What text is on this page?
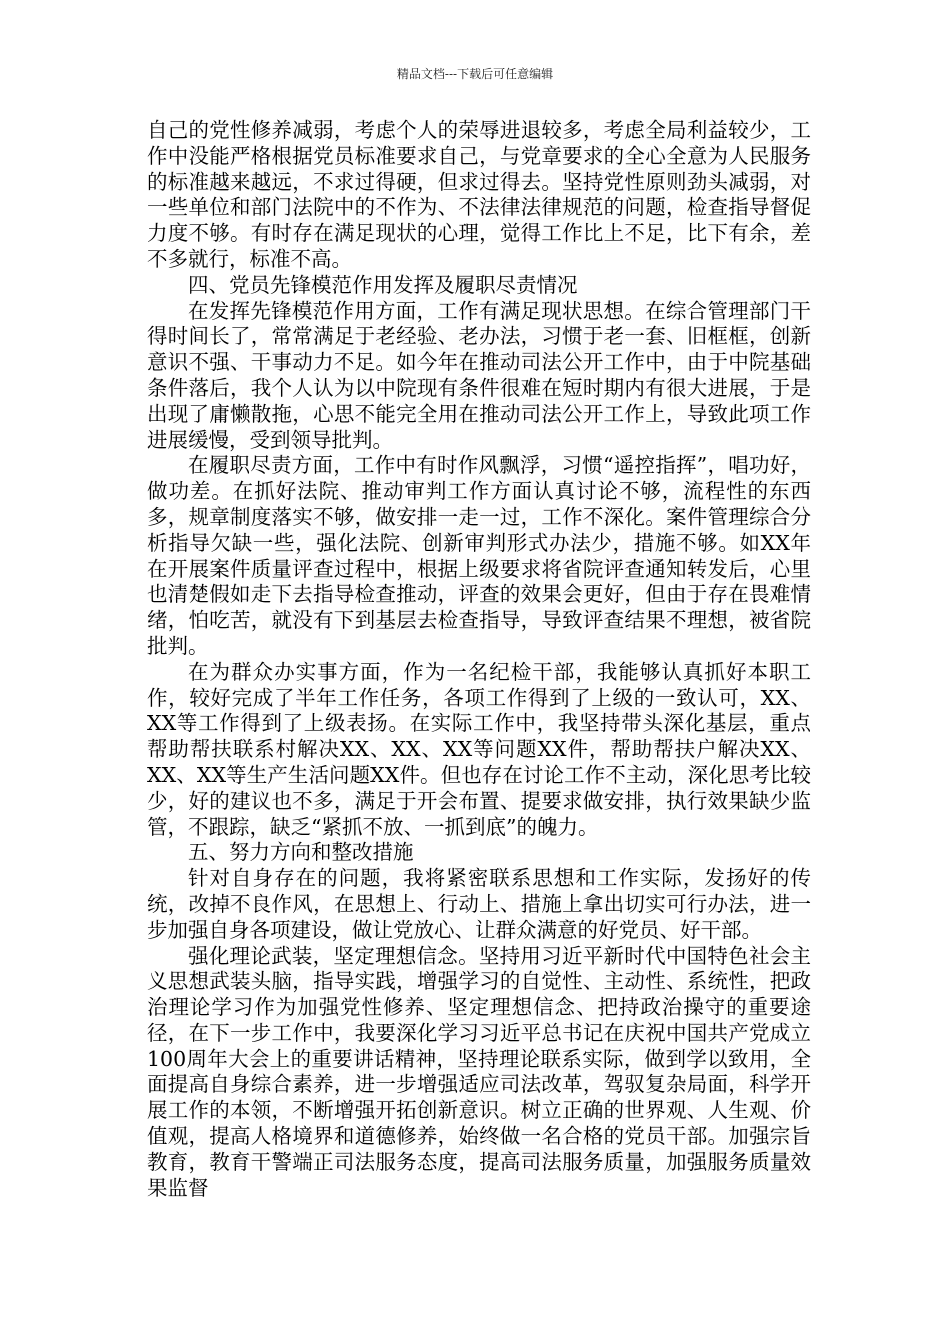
精品文档---下载后可任意编辑

自己的党性修养减弱，考虑个人的荣辱进退较多，考虑全局利益较少，工作中没能严格根据党员标准要求自己，与党章要求的全心全意为人民服务的标准越来越远，不求过得硬，但求过得去。坚持党性原则劲头减弱，对一些单位和部门法院中的不作为、不法律法律规范的问题，检查指导督促力度不够。有时存在满足现状的心理，觉得工作比上不足，比下有余，差不多就行，标准不高。

四、党员先锋模范作用发挥及履职尽责情况

在发挥先锋模范作用方面，工作有满足现状思想。在综合管理部门干得时间长了，常常满足于老经验、老办法，习惯于老一套、旧框框，创新意识不强、干事动力不足。如今年在推动司法公开工作中，由于中院基础条件落后，我个人认为以中院现有条件很难在短时期内有很大进展，于是出现了庸懒散拖，心思不能完全用在推动司法公开工作上，导致此项工作进展缓慢，受到领导批判。

在履职尽责方面，工作中有时作风飘浮，习惯“遥控指挥”，唱功好，做功差。在抓好法院、推动审判工作方面认真讨论不够，流程性的东西多，规章制度落实不够，做安排一走一过，工作不深化。案件管理综合分析指导欠缺一些，强化法院、创新审判形式办法少，措施不够。如XX年在开展案件质量评查过程中，根据上级要求将省院评查通知转发后，心里也清楚假如走下去指导检查推动，评查的效果会更好，但由于存在畏难情绪，怕吃苦，就没有下到基层去检查指导，导致评查结果不理想，被省院批判。

在为群众办实事方面，作为一名纪检干部，我能够认真抓好本职工作，较好完成了半年工作任务，各项工作得到了上级的一致认可，XX、XX等工作得到了上级表扬。在实际工作中，我坚持带头深化基层，重点帮助帮扶联系村解决XX、XX、XX等问题XX件，帮助帮扶户解决XX、XX、XX等生产生活问题XX件。但也存在讨论工作不主动，深化思考比较少，好的建议也不多，满足于开会布置、提要求做安排，执行效果缺少监管，不跟踪，缺乏“紧抓不放、一抓到底”的魄力。

五、努力方向和整改措施

针对自身存在的问题，我将紧密联系思想和工作实际，发扬好的传统，改掉不良作风，在思想上、行动上、措施上拿出切实可行办法，进一步加强自身各项建设，做让党放心、让群众满意的好党员、好干部。

强化理论武装，坚定理想信念。坚持用习近平新时代中国特色社会主义思想武装头脑，指导实践，增强学习的自觉性、主动性、系统性，把政治理论学习作为加强党性修养、坚定理想信念、把持政治操守的重要途径，在下一步工作中，我要深化学习习近平总书记在庆祝中国共产党成立100周年大会上的重要讲话精神，坚持理论联系实际，做到学以致用，全面提高自身综合素养，进一步增强适应司法改革，驾驭复杂局面，科学开展工作的本领，不断增强开拓创新意识。树立正确的世界观、人生观、价值观，提高人格境界和道德修养，始终做一名合格的党员干部。加强宗旨教育，教育干警端正司法服务态度，提高司法服务质量，加强服务质量效果监督
